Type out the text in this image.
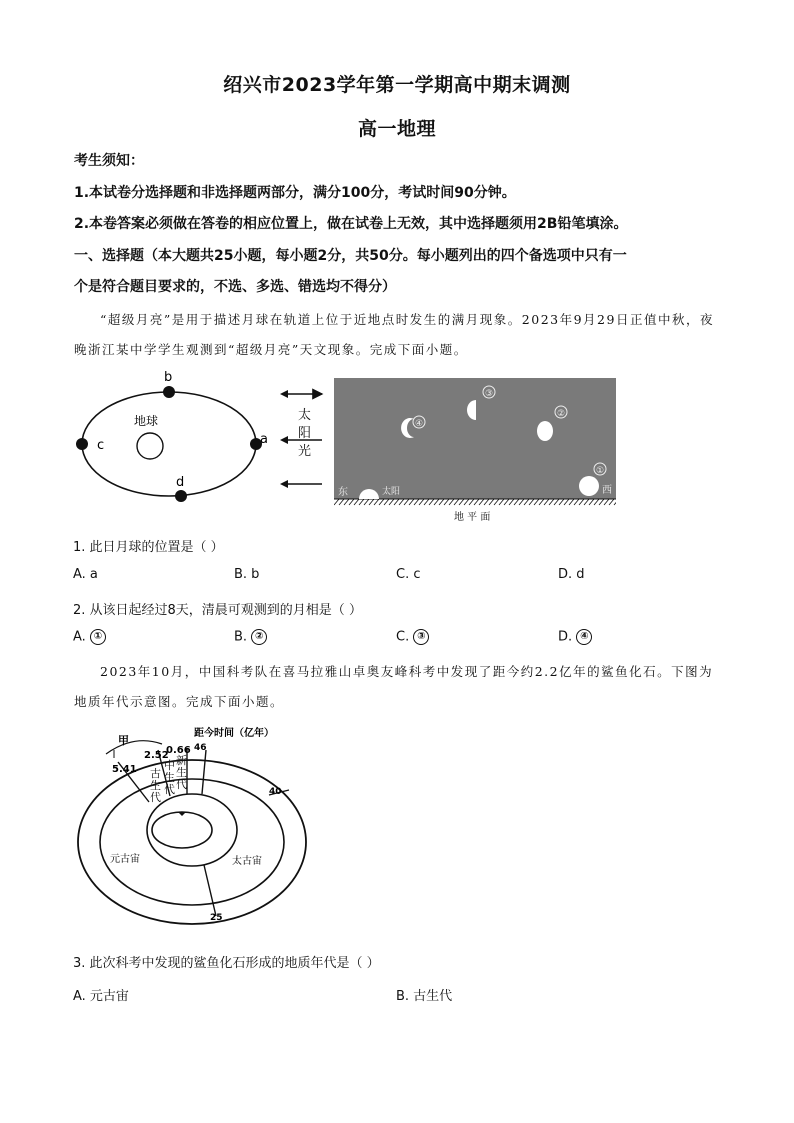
绍兴市2023学年第一学期高中期末调测
高一地理
考生须知：
1.本试卷分选择题和非选择题两部分，满分100分，考试时间90分钟。
2.本卷答案必须做在答卷的相应位置上，做在试卷上无效，其中选择题须用2B铅笔填涂。
一、选择题（本大题共25小题，每小题2分，共50分。每小题列出的四个备选项中只有一
个是符合题目要求的，不选、多选、错选均不得分）
“超级月亮”是用于描述月球在轨道上位于近地点时发生的满月现象。2023年9月29日正值中秋，夜
晚浙江某中学学生观测到“超级月亮”天文现象。完成下面小题。
地球
b
a
c
d
太
阳
光
③
②
④
①
东	太阳	西
地 平 面
1. 此日月球的位置是（ ）
A. a	B. b	C. c	D. d
2. 从该日起经过8天，清晨可观测到的月相是（ ）
A. ①	B. ②	C. ③	D. ④
2023年10月，中国科考队在喜马拉雅山卓奥友峰科考中发现了距今约2.2亿年的鲨鱼化石。下图为
地质年代示意图。完成下面小题。
甲
距今时间（亿年）
5.41
2.52
0.66 46
40
25
太古宙
元古宙
古
生
代
中
生
代
新
生
代
3. 此次科考中发现的鲨鱼化石形成的地质年代是（ ）
A. 元古宙	B. 古生代
